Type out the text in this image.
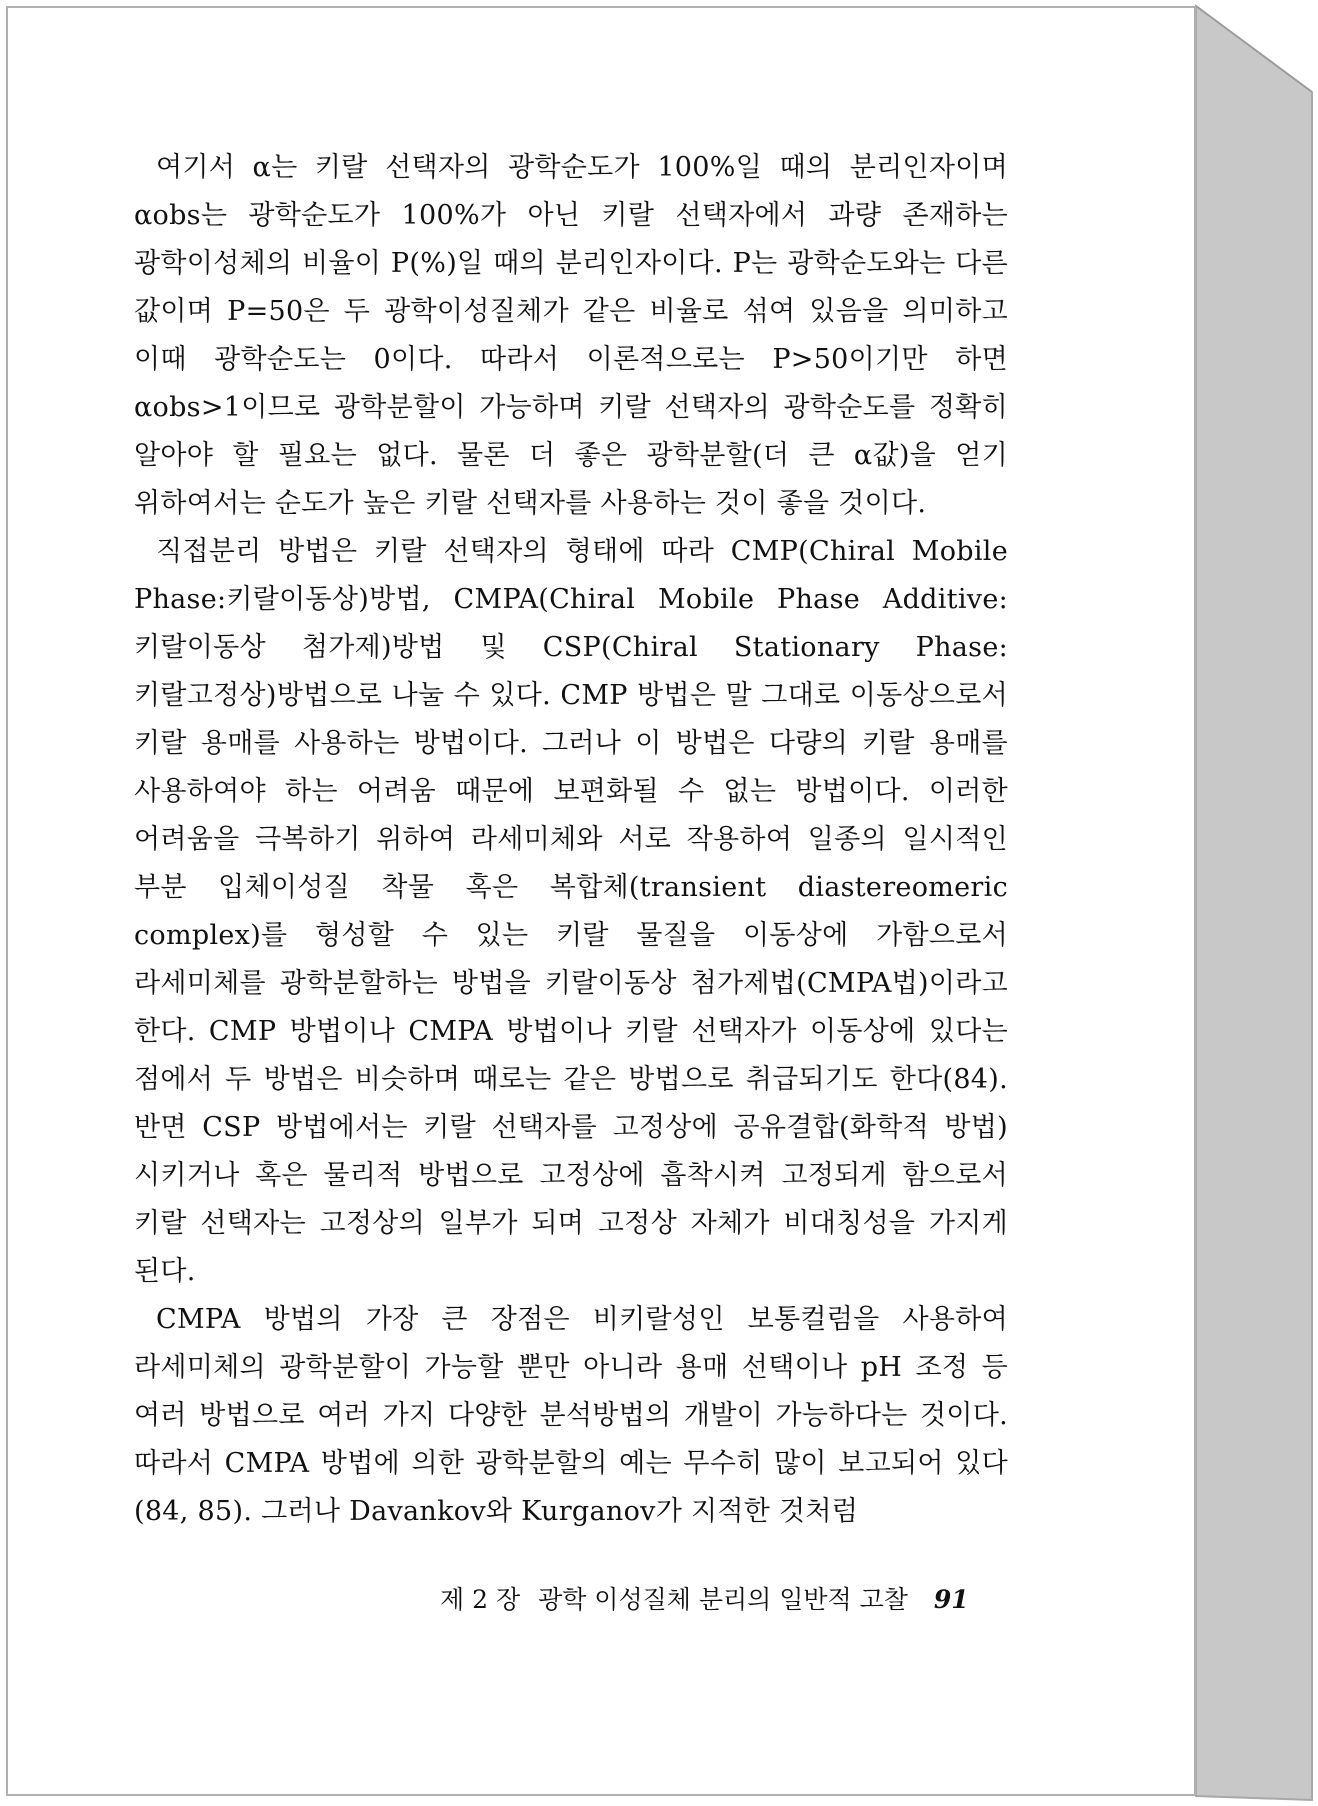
여기서 α는 키랄 선택자의 광학순도가 100%일 때의 분리인자이며 αobs는 광학순도가 100%가 아닌 키랄 선택자에서 과량 존재하는 광학이성체의 비율이 P(%)일 때의 분리인자이다. P는 광학순도와는 다른 값이며 P=50은 두 광학이성질체가 같은 비율로 섞여 있음을 의미하고 이때 광학순도는 0이다. 따라서 이론적으로는 P>50이기만 하면 αobs>1이므로 광학분할이 가능하며 키랄 선택자의 광학순도를 정확히 알아야 할 필요는 없다. 물론 더 좋은 광학분할(더 큰 α값)을 얻기 위하여서는 순도가 높은 키랄 선택자를 사용하는 것이 좋을 것이다.

직접분리 방법은 키랄 선택자의 형태에 따라 CMP(Chiral Mobile Phase:키랄이동상)방법, CMPA(Chiral Mobile Phase Additive:키랄이동상 첨가제)방법 및 CSP(Chiral Stationary Phase:키랄고정상)방법으로 나눌 수 있다. CMP 방법은 말 그대로 이동상으로서 키랄 용매를 사용하는 방법이다. 그러나 이 방법은 다량의 키랄 용매를 사용하여야 하는 어려움 때문에 보편화될 수 없는 방법이다. 이러한 어려움을 극복하기 위하여 라세미체와 서로 작용하여 일종의 일시적인 부분 입체이성질 착물 혹은 복합체(transient diastereomeric complex)를 형성할 수 있는 키랄 물질을 이동상에 가함으로서 라세미체를 광학분할하는 방법을 키랄이동상 첨가제법(CMPA법)이라고 한다. CMP 방법이나 CMPA 방법이나 키랄 선택자가 이동상에 있다는 점에서 두 방법은 비슷하며 때로는 같은 방법으로 취급되기도 한다(84). 반면 CSP 방법에서는 키랄 선택자를 고정상에 공유결합(화학적 방법)시키거나 혹은 물리적 방법으로 고정상에 흡착시켜 고정되게 함으로서 키랄 선택자는 고정상의 일부가 되며 고정상 자체가 비대칭성을 가지게 된다.

CMPA 방법의 가장 큰 장점은 비키랄성인 보통컬럼을 사용하여 라세미체의 광학분할이 가능할 뿐만 아니라 용매 선택이나 pH 조정 등 여러 방법으로 여러 가지 다양한 분석방법의 개발이 가능하다는 것이다. 따라서 CMPA 방법에 의한 광학분할의 예는 무수히 많이 보고되어 있다(84, 85). 그러나 Davankov와 Kurganov가 지적한 것처럼

제 2 장 광학 이성질체 분리의 일반적 고찰 91
